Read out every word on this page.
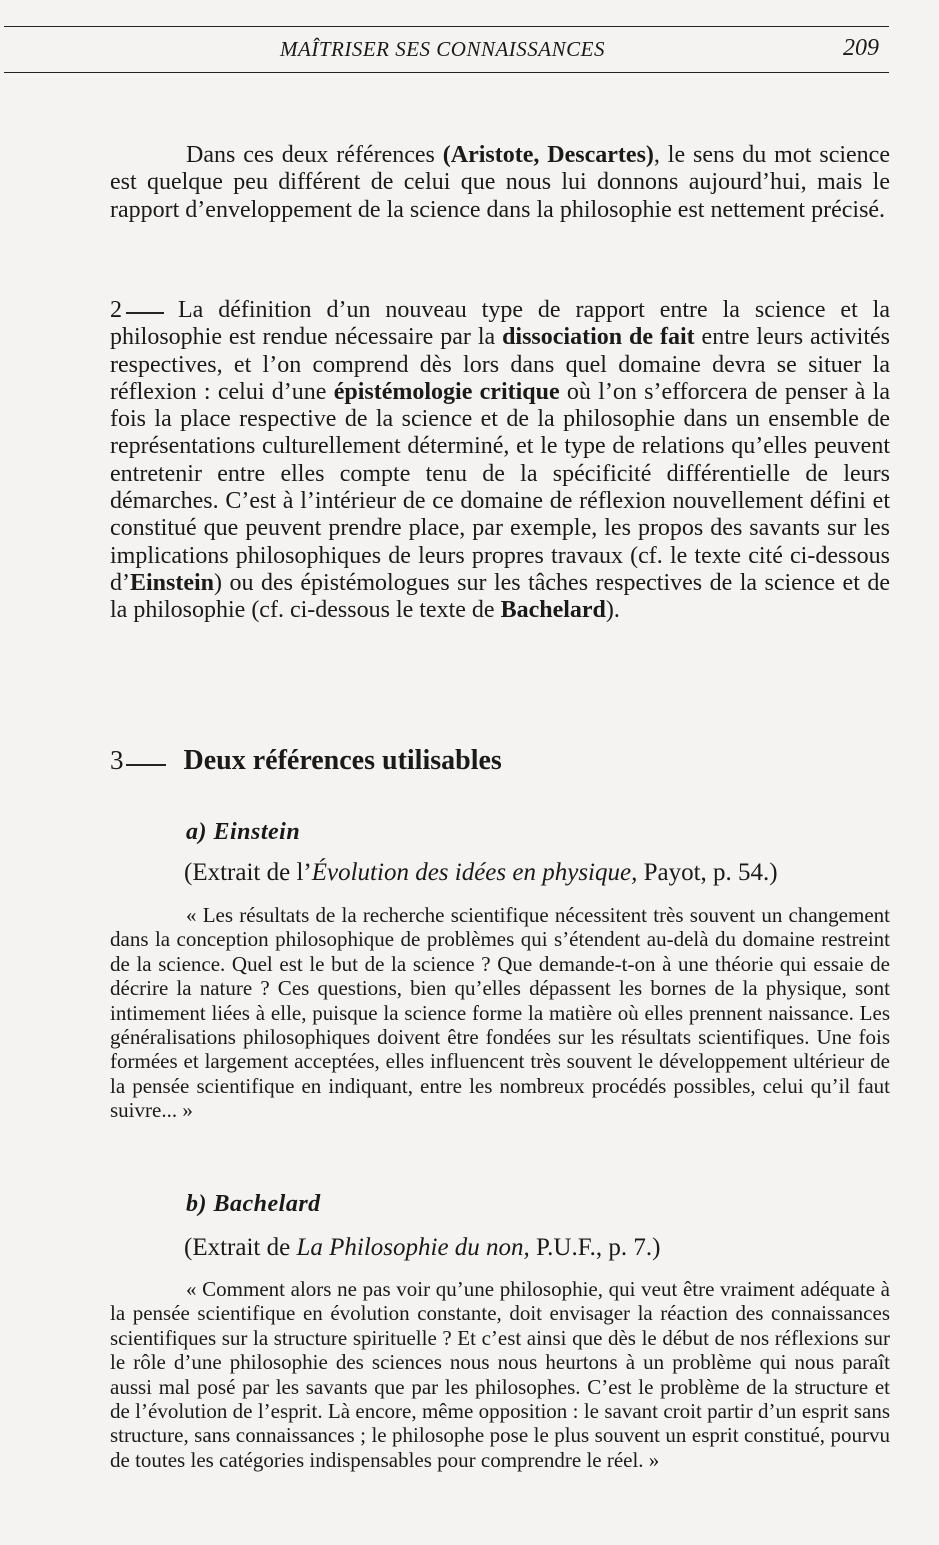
MAÎTRISER SES CONNAISSANCES	209

Dans ces deux références (Aristote, Descartes), le sens du mot science est quelque peu différent de celui que nous lui donnons aujourd’hui, mais le rapport d’enveloppement de la science dans la philosophie est nettement précisé.

2 La définition d’un nouveau type de rapport entre la science et la philosophie est rendue nécessaire par la dissociation de fait entre leurs activités respectives, et l’on comprend dès lors dans quel domaine devra se situer la réflexion : celui d’une épistémologie critique où l’on s’efforcera de penser à la fois la place respective de la science et de la philosophie dans un ensemble de représentations culturellement déterminé, et le type de relations qu’elles peuvent entretenir entre elles compte tenu de la spécificité différentielle de leurs démarches. C’est à l’intérieur de ce domaine de réflexion nouvellement défini et constitué que peuvent prendre place, par exemple, les propos des savants sur les implications philosophiques de leurs propres travaux (cf. le texte cité ci-dessous d’Einstein) ou des épistémologues sur les tâches respectives de la science et de la philosophie (cf. ci-dessous le texte de Bachelard).

3 Deux références utilisables
a) Einstein
(Extrait de l’Évolution des idées en physique, Payot, p. 54.)

« Les résultats de la recherche scientifique nécessitent très souvent un changement dans la conception philosophique de problèmes qui s’étendent au-delà du domaine restreint de la science. Quel est le but de la science ? Que demande-t-on à une théorie qui essaie de décrire la nature ? Ces questions, bien qu’elles dépassent les bornes de la physique, sont intimement liées à elle, puisque la science forme la matière où elles prennent naissance. Les généralisations philosophiques doivent être fondées sur les résultats scientifiques. Une fois formées et largement acceptées, elles influencent très souvent le développement ultérieur de la pensée scientifique en indiquant, entre les nombreux procédés possibles, celui qu’il faut suivre... »

b) Bachelard
(Extrait de La Philosophie du non, P.U.F., p. 7.)

« Comment alors ne pas voir qu’une philosophie, qui veut être vraiment adéquate à la pensée scientifique en évolution constante, doit envisager la réaction des connaissances scientifiques sur la structure spirituelle ? Et c’est ainsi que dès le début de nos réflexions sur le rôle d’une philosophie des sciences nous nous heurtons à un problème qui nous paraît aussi mal posé par les savants que par les philosophes. C’est le problème de la structure et de l’évolution de l’esprit. Là encore, même opposition : le savant croit partir d’un esprit sans structure, sans connaissances ; le philosophe pose le plus souvent un esprit constitué, pourvu de toutes les catégories indispensables pour comprendre le réel. »
